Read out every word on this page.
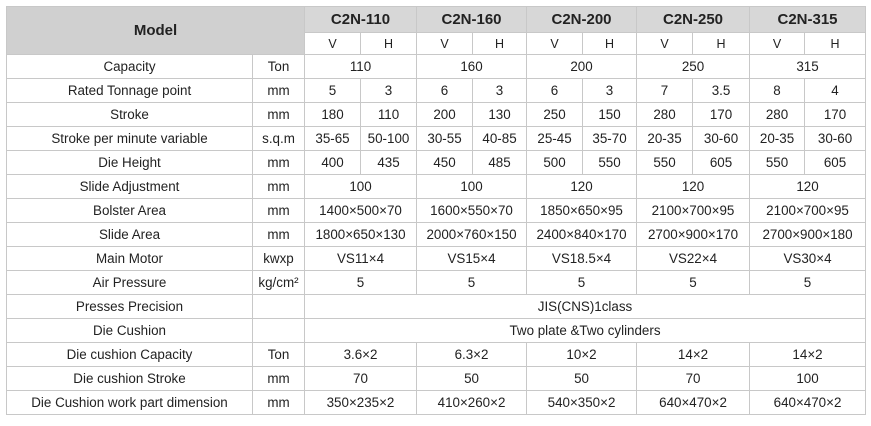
Model		C2N-110		C2N-160		C2N-200		C2N-250		C2N-315	
		V	H	V	H	V	H	V	H	V	H
Capacity	Ton	110		160		200		250		315	
Rated Tonnage point	mm	5	3	6	3	6	3	7	3.5	8	4
Stroke	mm	180	110	200	130	250	150	280	170	280	170
Stroke per minute variable	s.q.m	35-65	50-100	30-55	40-85	25-45	35-70	20-35	30-60	20-35	30-60
Die Height	mm	400	435	450	485	500	550	550	605	550	605
Slide Adjustment	mm	100		100		120		120		120	
Bolster Area	mm	1400×500×70		1600×550×70		1850×650×95		2100×700×95		2100×700×95	
Slide Area	mm	1800×650×130		2000×760×150		2400×840×170		2700×900×170		2700×900×180	
Main Motor	kwxp	VS11×4		VS15×4		VS18.5×4		VS22×4		VS30×4	
Air Pressure	kg/cm²	5		5		5		5		5	
Presses Precision		JIS(CNS)1class									
Die Cushion		Two plate &Two cylinders									
Die cushion Capacity	Ton	3.6×2		6.3×2		10×2		14×2		14×2	
Die cushion Stroke	mm	70		50		50		70		100	
Die Cushion work part dimension	mm	350×235×2		410×260×2		540×350×2		640×470×2		640×470×2	
